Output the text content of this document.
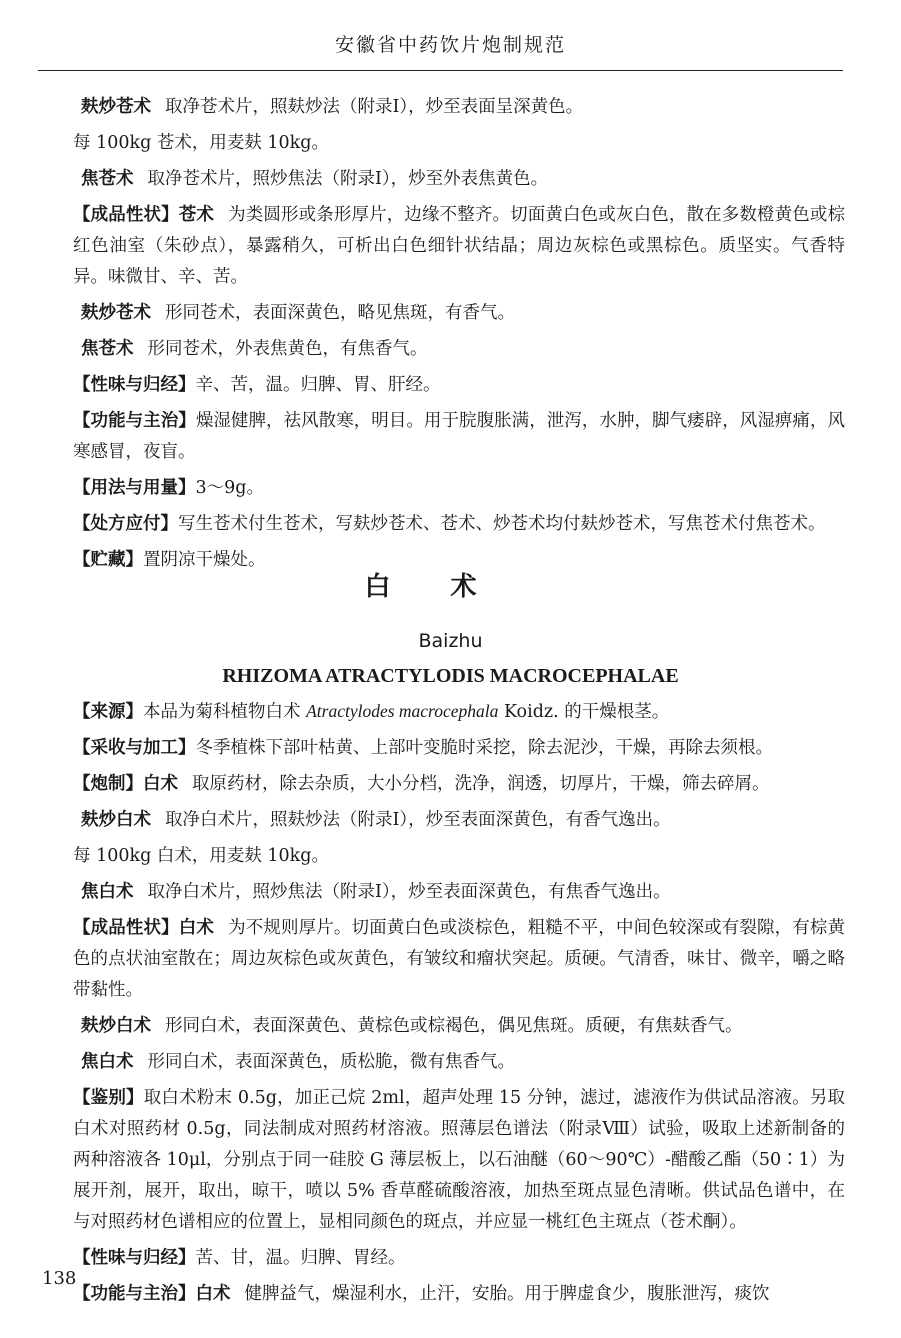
安徽省中药饮片炮制规范

麸炒苍术 取净苍术片，照麸炒法（附录Ⅰ），炒至表面呈深黄色。

每 100kg 苍术，用麦麸 10kg。

焦苍术 取净苍术片，照炒焦法（附录Ⅰ），炒至外表焦黄色。

【成品性状】苍术 为类圆形或条形厚片，边缘不整齐。切面黄白色或灰白色，散在多数橙黄色或棕红色油室（朱砂点），暴露稍久，可析出白色细针状结晶；周边灰棕色或黑棕色。质坚实。气香特异。味微甘、辛、苦。

麸炒苍术 形同苍术，表面深黄色，略见焦斑，有香气。

焦苍术 形同苍术，外表焦黄色，有焦香气。

【性味与归经】辛、苦，温。归脾、胃、肝经。

【功能与主治】燥湿健脾，祛风散寒，明目。用于脘腹胀满，泄泻，水肿，脚气痿辟，风湿痹痛，风寒感冒，夜盲。

【用法与用量】3～9g。

【处方应付】写生苍术付生苍术，写麸炒苍术、苍术、炒苍术均付麸炒苍术，写焦苍术付焦苍术。

【贮藏】置阴凉干燥处。

白术
Baizhu
RHIZOMA ATRACTYLODIS MACROCEPHALAE

【来源】本品为菊科植物白术 Atractylodes macrocephala Koidz. 的干燥根茎。

【采收与加工】冬季植株下部叶枯黄、上部叶变脆时采挖，除去泥沙，干燥，再除去须根。

【炮制】白术 取原药材，除去杂质，大小分档，洗净，润透，切厚片，干燥，筛去碎屑。

麸炒白术 取净白术片，照麸炒法（附录Ⅰ），炒至表面深黄色，有香气逸出。

每 100kg 白术，用麦麸 10kg。

焦白术 取净白术片，照炒焦法（附录Ⅰ），炒至表面深黄色，有焦香气逸出。

【成品性状】白术 为不规则厚片。切面黄白色或淡棕色，粗糙不平，中间色较深或有裂隙，有棕黄色的点状油室散在；周边灰棕色或灰黄色，有皱纹和瘤状突起。质硬。气清香，味甘、微辛，嚼之略带黏性。

麸炒白术 形同白术，表面深黄色、黄棕色或棕褐色，偶见焦斑。质硬，有焦麸香气。

焦白术 形同白术，表面深黄色，质松脆，微有焦香气。

【鉴别】取白术粉末 0.5g，加正己烷 2ml，超声处理 15 分钟，滤过，滤液作为供试品溶液。另取白术对照药材 0.5g，同法制成对照药材溶液。照薄层色谱法（附录Ⅷ）试验，吸取上述新制备的两种溶液各 10μl，分别点于同一硅胶 G 薄层板上，以石油醚（60～90℃）-醋酸乙酯（50∶1）为展开剂，展开，取出，晾干，喷以 5% 香草醛硫酸溶液，加热至斑点显色清晰。供试品色谱中，在与对照药材色谱相应的位置上，显相同颜色的斑点，并应显一桃红色主斑点（苍术酮）。

【性味与归经】苦、甘，温。归脾、胃经。

【功能与主治】白术 健脾益气，燥湿利水，止汗，安胎。用于脾虚食少，腹胀泄泻，痰饮

138
